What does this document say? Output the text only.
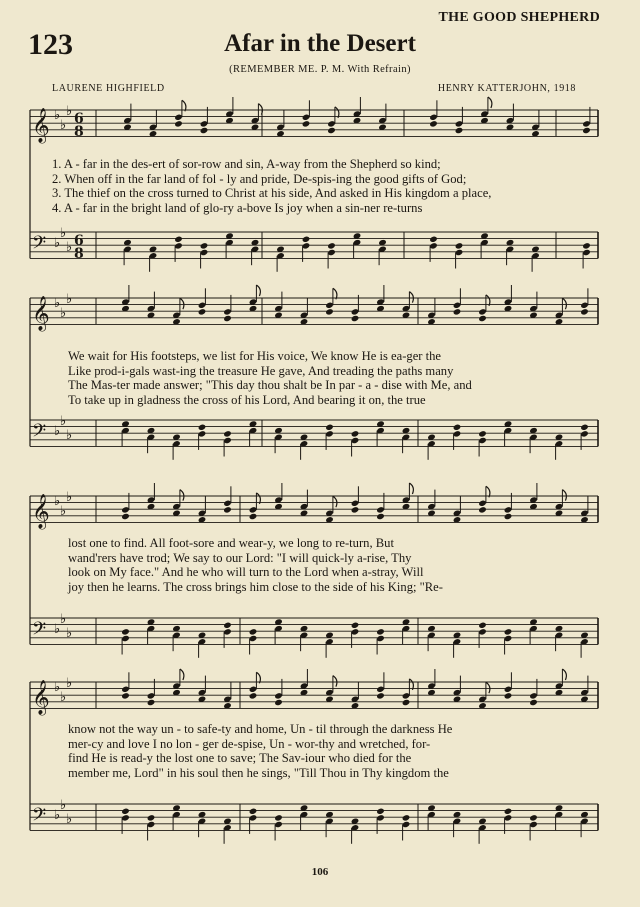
THE GOOD SHEPHERD
123	Afar in the Desert
(REMEMBER ME. P. M. With Refrain)
LAURENE HIGHFIELD	HENRY KATTERJOHN, 1918
𝄞 ♭
♭
♭ 6
8
𝄢 ♭
♭
♭ 6
8
1. A - far in the des-ert of sor-row and sin, A-way from the Shepherd so kind;
2. When off in the far land of fol - ly and pride, De-spis-ing the good gifts of God;
3. The thief on the cross turned to Christ at his side, And asked in His kingdom a place,
4. A - far in the bright land of glo-ry a-bove Is joy when a sin-ner re-turns
𝄞 ♭
♭
♭
𝄢 ♭
♭
♭
We wait for His footsteps, we list for His voice, We know He is ea-ger the
Like prod-i-gals wast-ing the treasure He gave, And treading the paths many
The Mas-ter made answer; "This day thou shalt be In par - a - dise with Me, and
To take up in gladness the cross of his Lord, And bearing it on, the true
𝄞 ♭
♭
♭
𝄢 ♭
♭
♭
lost one to find. All foot-sore and wear-y, we long to re-turn, But
wand'rers have trod; We say to our Lord: "I will quick-ly a-rise, Thy
look on My face." And he who will turn to the Lord when a-stray, Will
joy then he learns. The cross brings him close to the side of his King; "Re-
𝄞 ♭
♭
♭
𝄢 ♭
♭
♭
know not the way un - to safe-ty and home, Un - til through the darkness He
mer-cy and love I no lon - ger de-spise, Un - wor-thy and wretched, for-
find He is read-y the lost one to save; The Sav-iour who died for the
member me, Lord" in his soul then he sings, "Till Thou in Thy kingdom the
106
